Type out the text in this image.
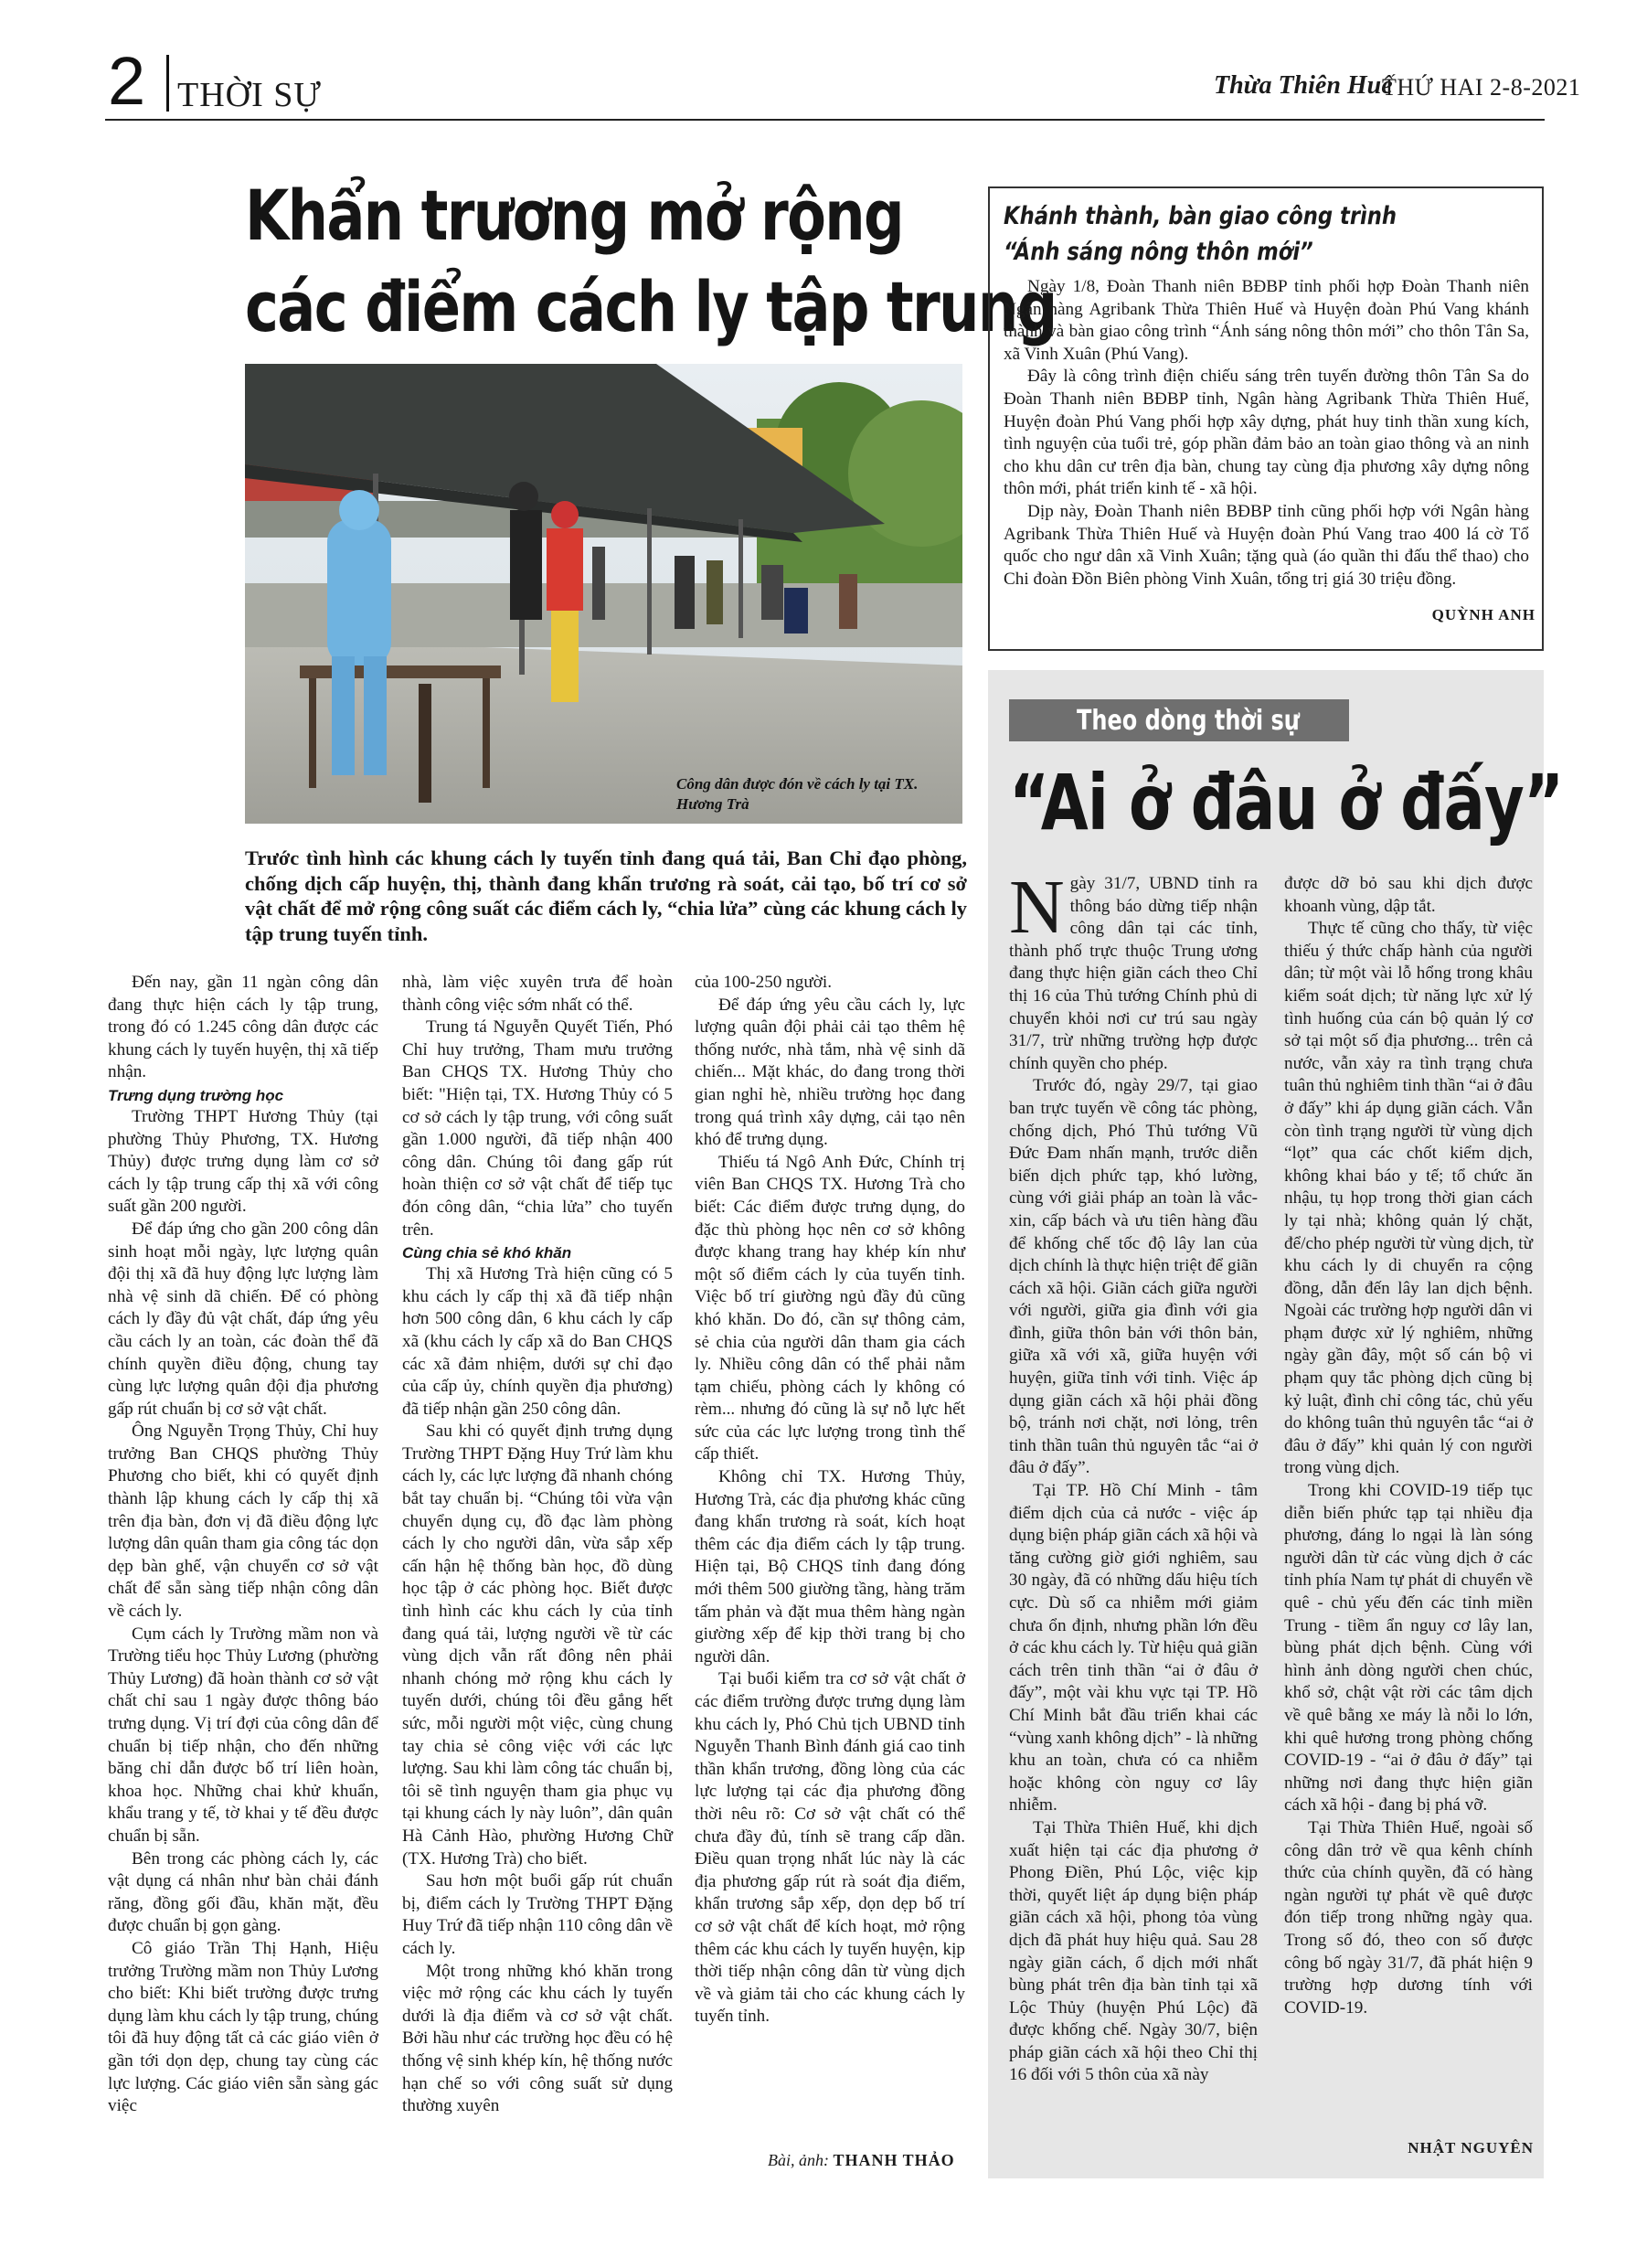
2 THỜI SỰ	Thừa Thiên Huế
THỨ HAI 2-8-2021
Khẩn trương mở rộng
các điểm cách ly tập trung
Công dân được đón về cách ly tại TX. Hương Trà
Trước tình hình các khung cách ly tuyến tỉnh đang quá tải, Ban Chỉ đạo phòng, chống dịch cấp huyện, thị, thành đang khẩn trương rà soát, cải tạo, bố trí cơ sở vật chất để mở rộng công suất các điểm cách ly, “chia lửa” cùng các khung cách ly tập trung tuyến tỉnh.

Đến nay, gần 11 ngàn công dân đang thực hiện cách ly tập trung, trong đó có 1.245 công dân được các khung cách ly tuyến huyện, thị xã tiếp nhận.

Trưng dụng trường học

Trường THPT Hương Thủy (tại phường Thủy Phương, TX. Hương Thủy) được trưng dụng làm cơ sở cách ly tập trung cấp thị xã với công suất gần 200 người.

Để đáp ứng cho gần 200 công dân sinh hoạt mỗi ngày, lực lượng quân đội thị xã đã huy động lực lượng làm nhà vệ sinh dã chiến. Để có phòng cách ly đầy đủ vật chất, đáp ứng yêu cầu cách ly an toàn, các đoàn thể đã chính quyền điều động, chung tay cùng lực lượng quân đội địa phương gấp rút chuẩn bị cơ sở vật chất.

Ông Nguyễn Trọng Thủy, Chỉ huy trưởng Ban CHQS phường Thủy Phương cho biết, khi có quyết định thành lập khung cách ly cấp thị xã trên địa bàn, đơn vị đã điều động lực lượng dân quân tham gia công tác dọn dẹp bàn ghế, vận chuyển cơ sở vật chất để sẵn sàng tiếp nhận công dân về cách ly.

Cụm cách ly Trường mầm non và Trường tiểu học Thủy Lương (phường Thủy Lương) đã hoàn thành cơ sở vật chất chỉ sau 1 ngày được thông báo trưng dụng. Vị trí đợi của công dân để chuẩn bị tiếp nhận, cho đến những băng chỉ dẫn được bố trí liên hoàn, khoa học. Những chai khử khuẩn, khẩu trang y tế, tờ khai y tế đều được chuẩn bị sẵn.

Bên trong các phòng cách ly, các vật dụng cá nhân như bàn chải đánh răng, đồng gối đầu, khăn mặt, đều được chuẩn bị gọn gàng.

Cô giáo Trần Thị Hạnh, Hiệu trưởng Trường mầm non Thủy Lương cho biết: Khi biết trường được trưng dụng làm khu cách ly tập trung, chúng tôi đã huy động tất cả các giáo viên ở gần tới dọn dẹp, chung tay cùng các lực lượng. Các giáo viên sẵn sàng gác việc

nhà, làm việc xuyên trưa để hoàn thành công việc sớm nhất có thể.

Trung tá Nguyễn Quyết Tiến, Phó Chỉ huy trưởng, Tham mưu trưởng Ban CHQS TX. Hương Thủy cho biết: "Hiện tại, TX. Hương Thủy có 5 cơ sở cách ly tập trung, với công suất gần 1.000 người, đã tiếp nhận 400 công dân. Chúng tôi đang gấp rút hoàn thiện cơ sở vật chất để tiếp tục đón công dân, “chia lửa” cho tuyến trên.

Cùng chia sẻ khó khăn

Thị xã Hương Trà hiện cũng có 5 khu cách ly cấp thị xã đã tiếp nhận hơn 500 công dân, 6 khu cách ly cấp xã (khu cách ly cấp xã do Ban CHQS các xã đảm nhiệm, dưới sự chỉ đạo của cấp ủy, chính quyền địa phương) đã tiếp nhận gần 250 công dân.

Sau khi có quyết định trưng dụng Trường THPT Đặng Huy Trứ làm khu cách ly, các lực lượng đã nhanh chóng bắt tay chuẩn bị. “Chúng tôi vừa vận chuyển dụng cụ, đồ đạc làm phòng cách ly cho người dân, vừa sắp xếp cấn hận hệ thống bàn học, đồ dùng học tập ở các phòng học. Biết được tình hình các khu cách ly của tỉnh đang quá tải, lượng người về từ các vùng dịch vẫn rất đông nên phải nhanh chóng mở rộng khu cách ly tuyến dưới, chúng tôi đều gắng hết sức, mỗi người một việc, cùng chung tay chia sẻ công việc với các lực lượng. Sau khi làm công tác chuẩn bị, tôi sẽ tình nguyện tham gia phục vụ tại khung cách ly này luôn”, dân quân Hà Cảnh Hào, phường Hương Chữ (TX. Hương Trà) cho biết.

Sau hơn một buổi gấp rút chuẩn bị, điểm cách ly Trường THPT Đặng Huy Trứ đã tiếp nhận 110 công dân về cách ly.

Một trong những khó khăn trong việc mở rộng các khu cách ly tuyến dưới là địa điểm và cơ sở vật chất. Bởi hầu như các trường học đều có hệ thống vệ sinh khép kín, hệ thống nước hạn chế so với công suất sử dụng thường xuyên

của 100-250 người.

Để đáp ứng yêu cầu cách ly, lực lượng quân đội phải cải tạo thêm hệ thống nước, nhà tắm, nhà vệ sinh dã chiến... Mặt khác, do đang trong thời gian nghỉ hè, nhiều trường học đang trong quá trình xây dựng, cải tạo nên khó để trưng dụng.

Thiếu tá Ngô Anh Đức, Chính trị viên Ban CHQS TX. Hương Trà cho biết: Các điểm được trưng dụng, do đặc thù phòng học nên cơ sở không được khang trang hay khép kín như một số điểm cách ly của tuyến tỉnh. Việc bố trí giường ngủ đầy đủ cũng khó khăn. Do đó, cần sự thông cảm, sẻ chia của người dân tham gia cách ly. Nhiều công dân có thể phải nằm tạm chiếu, phòng cách ly không có rèm... nhưng đó cũng là sự nỗ lực hết sức của các lực lượng trong tình thế cấp thiết.

Không chỉ TX. Hương Thủy, Hương Trà, các địa phương khác cũng đang khẩn trương rà soát, kích hoạt thêm các địa điểm cách ly tập trung. Hiện tại, Bộ CHQS tỉnh đang đóng mới thêm 500 giường tầng, hàng trăm tấm phản và đặt mua thêm hàng ngàn giường xếp để kịp thời trang bị cho người dân.

Tại buổi kiểm tra cơ sở vật chất ở các điểm trường được trưng dụng làm khu cách ly, Phó Chủ tịch UBND tỉnh Nguyễn Thanh Bình đánh giá cao tinh thần khẩn trương, đồng lòng của các lực lượng tại các địa phương đồng thời nêu rõ: Cơ sở vật chất có thể chưa đầy đủ, tính sẽ trang cấp dần. Điều quan trọng nhất lúc này là các địa phương gấp rút rà soát địa điểm, khẩn trương sắp xếp, dọn dẹp bố trí cơ sở vật chất để kích hoạt, mở rộng thêm các khu cách ly tuyến huyện, kịp thời tiếp nhận công dân từ vùng dịch về và giảm tải cho các khung cách ly tuyến tỉnh.

Bài, ảnh: THANH THẢO
Khánh thành, bàn giao công trình
“Ánh sáng nông thôn mới”

Ngày 1/8, Đoàn Thanh niên BĐBP tỉnh phối hợp Đoàn Thanh niên Ngân hàng Agribank Thừa Thiên Huế và Huyện đoàn Phú Vang khánh thành và bàn giao công trình “Ánh sáng nông thôn mới” cho thôn Tân Sa, xã Vinh Xuân (Phú Vang).

Đây là công trình điện chiếu sáng trên tuyến đường thôn Tân Sa do Đoàn Thanh niên BĐBP tỉnh, Ngân hàng Agribank Thừa Thiên Huế, Huyện đoàn Phú Vang phối hợp xây dựng, phát huy tinh thần xung kích, tình nguyện của tuổi trẻ, góp phần đảm bảo an toàn giao thông và an ninh cho khu dân cư trên địa bàn, chung tay cùng địa phương xây dựng nông thôn mới, phát triển kinh tế - xã hội.

Dịp này, Đoàn Thanh niên BĐBP tỉnh cũng phối hợp với Ngân hàng Agribank Thừa Thiên Huế và Huyện đoàn Phú Vang trao 400 lá cờ Tổ quốc cho ngư dân xã Vinh Xuân; tặng quà (áo quần thi đấu thể thao) cho Chi đoàn Đồn Biên phòng Vinh Xuân, tổng trị giá 30 triệu đồng.

QUỲNH ANH
Theo dòng thời sự
“Ai ở đâu ở đấy”

Ngày 31/7, UBND tỉnh ra thông báo dừng tiếp nhận công dân tại các tỉnh, thành phố trực thuộc Trung ương đang thực hiện giãn cách theo Chỉ thị 16 của Thủ tướng Chính phủ di chuyển khỏi nơi cư trú sau ngày 31/7, trừ những trường hợp được chính quyền cho phép.

Trước đó, ngày 29/7, tại giao ban trực tuyến về công tác phòng, chống dịch, Phó Thủ tướng Vũ Đức Đam nhấn mạnh, trước diễn biến dịch phức tạp, khó lường, cùng với giải pháp an toàn là vắc-xin, cấp bách và ưu tiên hàng đầu để khống chế tốc độ lây lan của dịch chính là thực hiện triệt để giãn cách xã hội. Giãn cách giữa người với người, giữa gia đình với gia đình, giữa thôn bản với thôn bản, giữa xã với xã, giữa huyện với huyện, giữa tỉnh với tỉnh. Việc áp dụng giãn cách xã hội phải đồng bộ, tránh nơi chặt, nơi lỏng, trên tinh thần tuân thủ nguyên tắc “ai ở đâu ở đấy”.

Tại TP. Hồ Chí Minh - tâm điểm dịch của cả nước - việc áp dụng biện pháp giãn cách xã hội và tăng cường giờ giới nghiêm, sau 30 ngày, đã có những dấu hiệu tích cực. Dù số ca nhiễm mới giảm chưa ổn định, nhưng phần lớn đều ở các khu cách ly. Từ hiệu quả giãn cách trên tinh thần “ai ở đâu ở đấy”, một vài khu vực tại TP. Hồ Chí Minh bắt đầu triển khai các “vùng xanh không dịch” - là những khu an toàn, chưa có ca nhiễm hoặc không còn nguy cơ lây nhiễm.

Tại Thừa Thiên Huế, khi dịch xuất hiện tại các địa phương ở Phong Điền, Phú Lộc, việc kịp thời, quyết liệt áp dụng biện pháp giãn cách xã hội, phong tỏa vùng dịch đã phát huy hiệu quả. Sau 28 ngày giãn cách, ổ dịch mới nhất bùng phát trên địa bàn tỉnh tại xã Lộc Thủy (huyện Phú Lộc) đã được khống chế. Ngày 30/7, biện pháp giãn cách xã hội theo Chỉ thị 16 đối với 5 thôn của xã này

được dỡ bỏ sau khi dịch được khoanh vùng, dập tắt.

Thực tế cũng cho thấy, từ việc thiếu ý thức chấp hành của người dân; từ một vài lỗ hổng trong khâu kiểm soát dịch; từ năng lực xử lý tình huống của cán bộ quản lý cơ sở tại một số địa phương... trên cả nước, vẫn xảy ra tình trạng chưa tuân thủ nghiêm tinh thần “ai ở đâu ở đấy” khi áp dụng giãn cách. Vẫn còn tình trạng người từ vùng dịch “lọt” qua các chốt kiểm dịch, không khai báo y tế; tổ chức ăn nhậu, tụ họp trong thời gian cách ly tại nhà; không quản lý chặt, để/cho phép người từ vùng dịch, từ khu cách ly di chuyển ra cộng đồng, dẫn đến lây lan dịch bệnh. Ngoài các trường hợp người dân vi phạm được xử lý nghiêm, những ngày gần đây, một số cán bộ vi phạm quy tắc phòng dịch cũng bị kỷ luật, đình chỉ công tác, chủ yếu do không tuân thủ nguyên tắc “ai ở đâu ở đấy” khi quản lý con người trong vùng dịch.

Trong khi COVID-19 tiếp tục diễn biến phức tạp tại nhiều địa phương, đáng lo ngại là làn sóng người dân từ các vùng dịch ở các tỉnh phía Nam tự phát di chuyển về quê - chủ yếu đến các tỉnh miền Trung - tiềm ẩn nguy cơ lây lan, bùng phát dịch bệnh. Cùng với hình ảnh dòng người chen chúc, khổ sở, chật vật rời các tâm dịch về quê bằng xe máy là nỗi lo lớn, khi quê hương trong phòng chống COVID-19 - “ai ở đâu ở đấy” tại những nơi đang thực hiện giãn cách xã hội - đang bị phá vỡ.

Tại Thừa Thiên Huế, ngoài số công dân trở về qua kênh chính thức của chính quyền, đã có hàng ngàn người tự phát về quê được đón tiếp trong những ngày qua. Trong số đó, theo con số được công bố ngày 31/7, đã phát hiện 9 trường hợp dương tính với COVID-19.

NHẬT NGUYÊN
